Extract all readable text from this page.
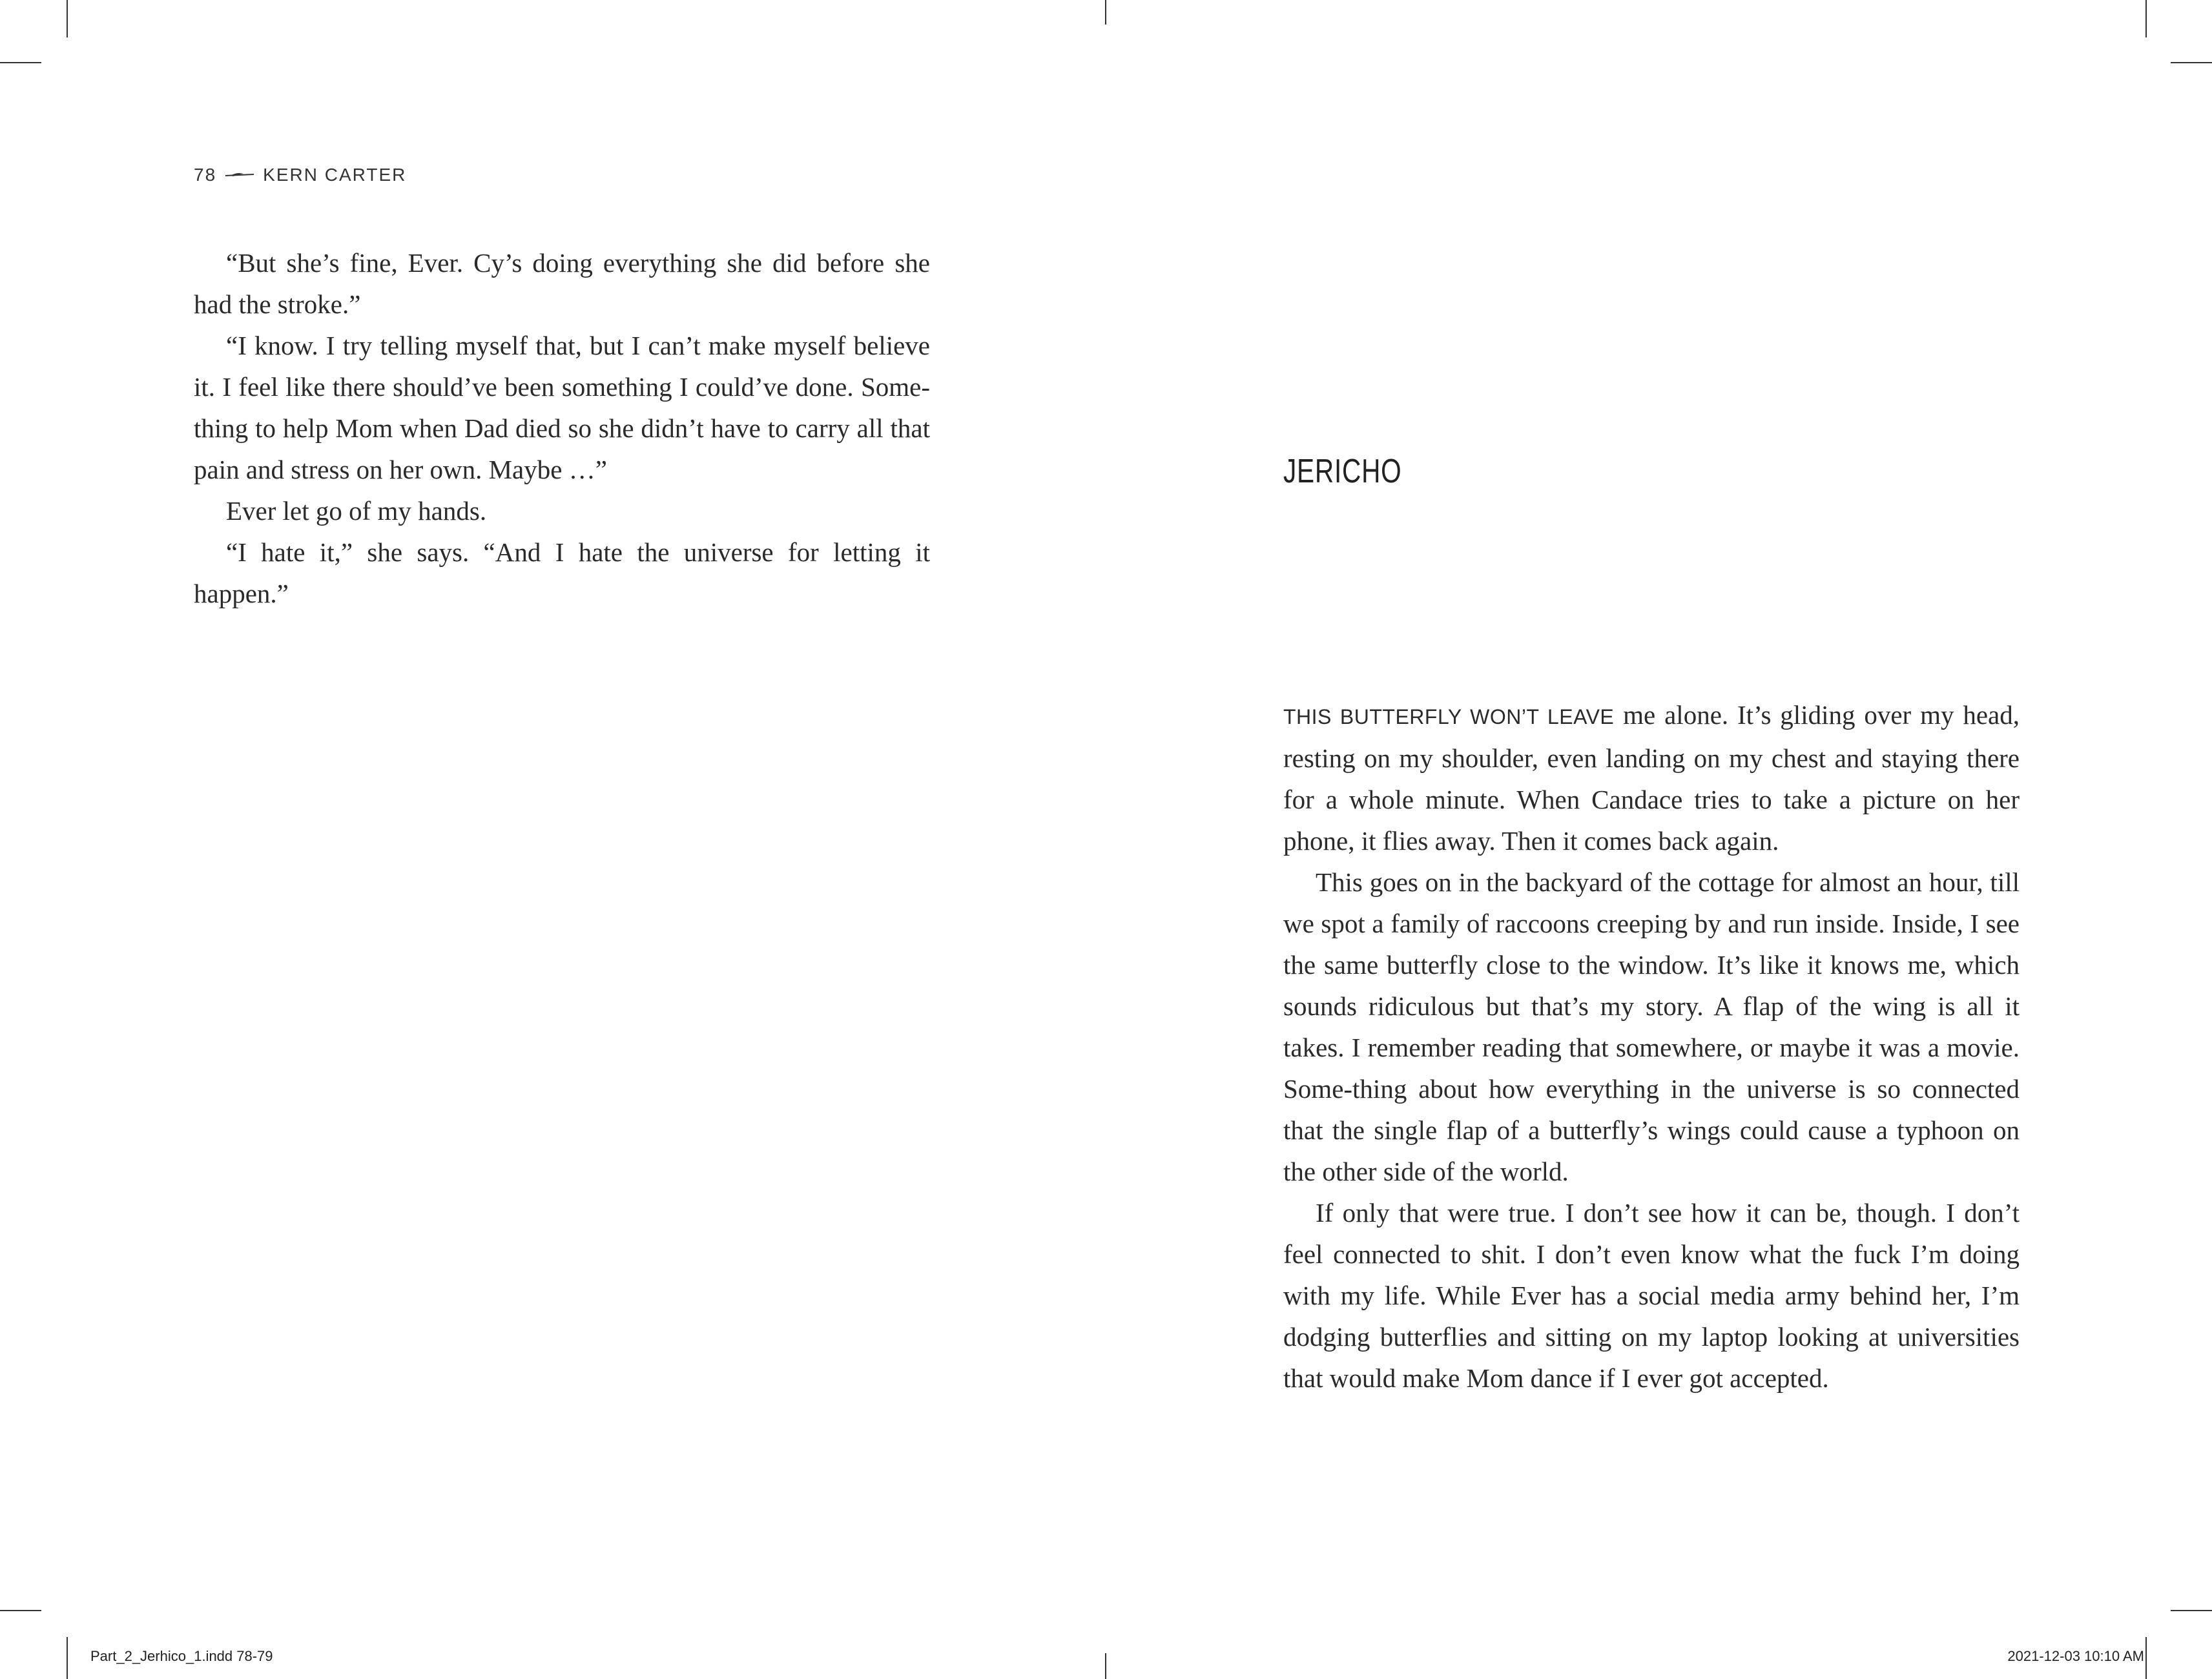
78	KERN CARTER

“But she’s fine, Ever. Cy’s doing everything she did before she had the stroke.”

“I know. I try telling myself that, but I can’t make myself believe it. I feel like there should’ve been something I could’ve done. Some-thing to help Mom when Dad died so she didn’t have to carry all that pain and stress on her own. Maybe …”

Ever let go of my hands.

“I hate it,” she says. “And I hate the universe for letting it happen.”

JERICHO

THIS BUTTERFLY WON’T LEAVE me alone. It’s gliding over my head, resting on my shoulder, even landing on my chest and staying there for a whole minute. When Candace tries to take a picture on her phone, it flies away. Then it comes back again.

This goes on in the backyard of the cottage for almost an hour, till we spot a family of raccoons creeping by and run inside. Inside, I see the same butterfly close to the window. It’s like it knows me, which sounds ridiculous but that’s my story. A flap of the wing is all it takes. I remember reading that somewhere, or maybe it was a movie. Some-thing about how everything in the universe is so connected that the single flap of a butterfly’s wings could cause a typhoon on the other side of the world.

If only that were true. I don’t see how it can be, though. I don’t feel connected to shit. I don’t even know what the fuck I’m doing with my life. While Ever has a social media army behind her, I’m dodging butterflies and sitting on my laptop looking at universities that would make Mom dance if I ever got accepted.

Part_2_Jerhico_1.indd 78-79	2021-12-03 10:10 AM
